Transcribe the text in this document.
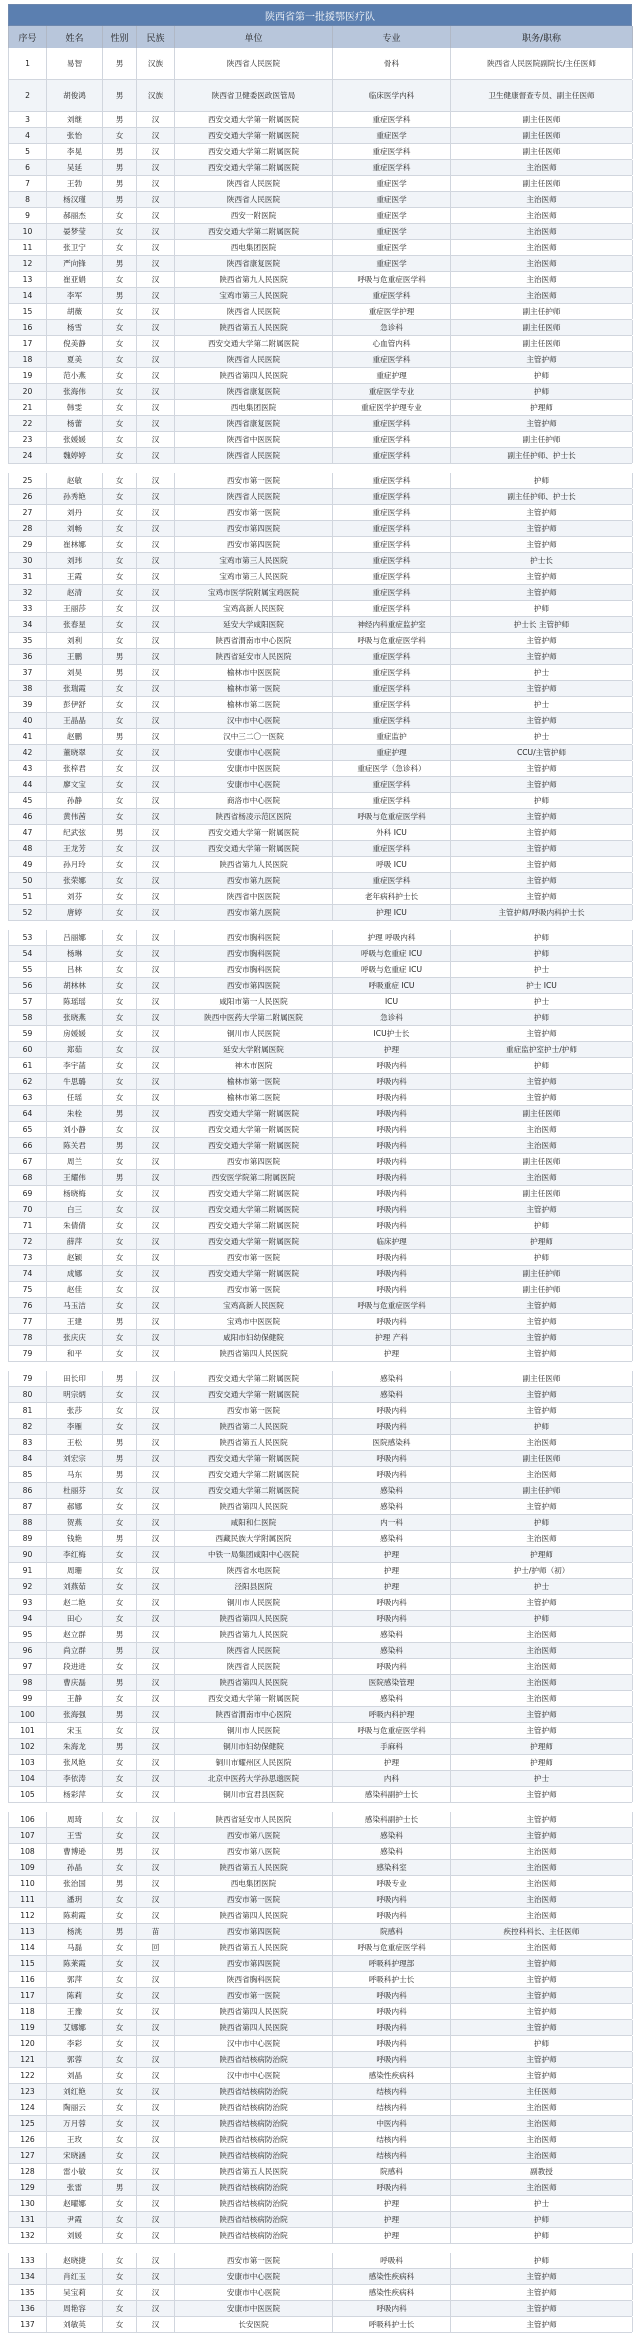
陕西省第一批援鄂医疗队
序号	姓名	性别	民族	单位	专业	职务/职称
1	易智	男	汉族	陕西省人民医院	骨科	陕西省人民医院副院长/主任医师
2	胡俊鸿	男	汉族	陕西省卫健委医政医管局	临床医学内科	卫生健康督查专员、副主任医师
3	刘继	男	汉	西安交通大学第一附属医院	重症医学科	副主任医师
4	张怡	女	汉	西安交通大学第一附属医院	重症医学	副主任医师
5	李晃	男	汉	西安交通大学第二附属医院	重症医学科	副主任医师
6	吴延	男	汉	西安交通大学第二附属医院	重症医学科	主治医师
7	王勃	男	汉	陕西省人民医院	重症医学	副主任医师
8	杨汉瑾	男	汉	陕西省人民医院	重症医学	主治医师
9	郝丽杰	女	汉	西安一附医院	重症医学	主治医师
10	晏梦莹	女	汉	西安交通大学第二附属医院	重症医学	主治医师
11	张卫宁	女	汉	西电集团医院	重症医学	主治医师
12	严向锋	男	汉	陕西省康复医院	重症医学	主治医师
13	崔亚娟	女	汉	陕西省第九人民医院	呼吸与危重症医学科	主治医师
14	李军	男	汉	宝鸡市第三人民医院	重症医学科	主治医师
15	胡薇	女	汉	陕西省人民医院	重症医学护理	副主任护师
16	杨雪	女	汉	陕西省第五人民医院	急诊科	副主任医师
17	倪美静	女	汉	西安交通大学第二附属医院	心血管内科	副主任医师
18	夏美	女	汉	陕西省人民医院	重症医学科	主管护师
19	范小燕	女	汉	陕西省第四人民医院	重症护理	护师
20	张海伟	女	汉	陕西省康复医院	重症医学专业	护师
21	韩雯	女	汉	西电集团医院	重症医学护理专业	护理师
22	杨蕾	女	汉	陕西省康复医院	重症医学科	主管护师
23	张媛媛	女	汉	陕西省中医医院	重症医学科	副主任护师
24	魏婷婷	女	汉	陕西省人民医院	重症医学科	副主任护师、护士长
25	赵敏	女	汉	西安市第一医院	重症医学科	护师
26	孙秀艳	女	汉	陕西省人民医院	重症医学科	副主任护师、护士长
27	刘丹	女	汉	西安市第一医院	重症医学科	主管护师
28	刘畅	女	汉	西安市第四医院	重症医学科	主管护师
29	崔林娜	女	汉	西安市第四医院	重症医学科	主管护师
30	刘玮	女	汉	宝鸡市第三人民医院	重症医学科	护士长
31	王霞	女	汉	宝鸡市第三人民医院	重症医学科	主管护师
32	赵清	女	汉	宝鸡市医学院附属宝鸡医院	重症医学科	主管护师
33	王丽莎	女	汉	宝鸡高新人民医院	重症医学科	护师
34	张春星	女	汉	延安大学咸阳医院	神经内科重症监护室	护士长 主管护师
35	刘利	女	汉	陕西省渭南市中心医院	呼吸与危重症医学科	主管护师
36	王鹏	男	汉	陕西省延安市人民医院	重症医学科	主管护师
37	刘昊	男	汉	榆林市中医医院	重症医学科	护士
38	张瑞霞	女	汉	榆林市第一医院	重症医学科	主管护师
39	彭伊舒	女	汉	榆林市第二医院	重症医学科	护士
40	王晶晶	女	汉	汉中市中心医院	重症医学科	主管护师
41	赵鹏	男	汉	汉中三二〇一医院	重症监护	护士
42	董晓翠	女	汉	安康市中心医院	重症护理	CCU/主管护师
43	张梓君	女	汉	安康市中医医院	重症医学（急诊科）	主管护师
44	廖文宝	女	汉	安康市中心医院	重症医学科	主管护师
45	孙静	女	汉	商洛市中心医院	重症医学科	护师
46	黄伟茜	女	汉	陕西省杨凌示范区医院	呼吸与危重症医学科	主管护师
47	纪武弦	男	汉	西安交通大学第一附属医院	外科 ICU	主管护师
48	王龙芳	女	汉	西安交通大学第一附属医院	重症医学科	主管护师
49	孙月玲	女	汉	陕西省第九人民医院	呼吸 ICU	主管护师
50	张荣娜	女	汉	西安市第九医院	重症医学科	主管护师
51	刘芬	女	汉	陕西省中医医院	老年病科护士长	主管护师
52	唐婷	女	汉	西安市第九医院	护理 ICU	主管护师/呼吸内科护士长
53	吕丽娜	女	汉	西安市胸科医院	护理 呼吸内科	护师
54	杨琳	女	汉	西安市胸科医院	呼吸与危重症 ICU	护师
55	吕林	女	汉	西安市胸科医院	呼吸与危重症 ICU	护士
56	胡林林	女	汉	西安市第四医院	呼吸重症 ICU	护士 ICU
57	陈瑶瑶	女	汉	咸阳市第一人民医院	ICU	护士
58	张晓燕	女	汉	陕西中医药大学第二附属医院	急诊科	护师
59	房媛媛	女	汉	铜川市人民医院	ICU护士长	主管护师
60	郑茹	女	汉	延安大学附属医院	护理	重症监护室护士/护师
61	李宇菡	女	汉	神木市医院	呼吸内科	护师
62	牛思璐	女	汉	榆林市第一医院	呼吸内科	主管护师
63	任瑶	女	汉	榆林市第二医院	呼吸内科	主管护师
64	朱栓	男	汉	西安交通大学第一附属医院	呼吸内科	副主任医师
65	刘小静	女	汉	西安交通大学第一附属医院	呼吸内科	主治医师
66	陈关君	男	汉	西安交通大学第一附属医院	呼吸内科	主治医师
67	周兰	女	汉	西安市第四医院	呼吸内科	副主任医师
68	王耀伟	男	汉	西安医学院第二附属医院	呼吸内科	主治医师
69	杨晓梅	女	汉	西安交通大学第二附属医院	呼吸内科	副主任医师
70	白三	女	汉	西安交通大学第二附属医院	呼吸内科	主管护师
71	朱倩倩	女	汉	西安交通大学第二附属医院	呼吸内科	护师
72	薛萍	女	汉	西安交通大学第一附属医院	临床护理	护理师
73	赵颖	女	汉	西安市第一医院	呼吸内科	护师
74	成娜	女	汉	西安交通大学第一附属医院	呼吸内科	副主任护师
75	赵佳	女	汉	西安市第一医院	呼吸内科	副主任护师
76	马玉洁	女	汉	宝鸡高新人民医院	呼吸与危重症医学科	主管护师
77	王建	男	汉	宝鸡市中医医院	呼吸内科	主管护师
78	张庆庆	女	汉	咸阳市妇幼保健院	护理 产科	主管护师
79	和平	女	汉	陕西省第四人民医院	护理	主管护师
79	田长印	男	汉	西安交通大学第二附属医院	感染科	副主任医师
80	明宗炳	女	汉	西安交通大学第一附属医院	感染科	主管护师
81	张莎	女	汉	西安市第一医院	呼吸内科	主管护师
82	李雁	女	汉	陕西省第二人民医院	呼吸内科	护师
83	王松	男	汉	陕西省第五人民医院	医院感染科	主治医师
84	刘宏宗	男	汉	西安交通大学第一附属医院	呼吸内科	副主任医师
85	马东	男	汉	西安交通大学第二附属医院	呼吸内科	主治医师
86	杜丽芬	女	汉	西安交通大学第二附属医院	感染科	副主任护师
87	郝娜	女	汉	陕西省第四人民医院	感染科	主管护师
88	贺燕	女	汉	咸阳和仁医院	内一科	护师
89	钱艳	男	汉	西藏民族大学附属医院	感染科	主治医师
90	李红梅	女	汉	中铁一局集团咸阳中心医院	护理	护理师
91	周珊	女	汉	陕西省水电医院	护理	护士/护师（初）
92	刘燕茹	女	汉	泾阳县医院	护理	护士
93	赵二艳	女	汉	铜川市人民医院	呼吸内科	主管护师
94	田心	女	汉	陕西省第四人民医院	呼吸内科	护师
95	赵立群	男	汉	陕西省第九人民医院	感染科	主治医师
96	尚立群	男	汉	陕西省人民医院	感染科	主治医师
97	段进进	女	汉	陕西省人民医院	呼吸内科	主治医师
98	曹庆磊	男	汉	陕西省第四人民医院	医院感染管理	主治医师
99	王静	女	汉	西安交通大学第一附属医院	感染科	主治医师
100	张海强	男	汉	陕西省渭南市中心医院	呼吸内科护理	主管护师
101	宋玉	女	汉	铜川市人民医院	呼吸与危重症医学科	主管护师
102	朱海龙	男	汉	铜川市妇幼保健院	手麻科	护理师
103	张风艳	女	汉	铜川市耀州区人民医院	护理	护理师
104	李依涛	女	汉	北京中医药大学孙思邈医院	内科	护士
105	杨彩萍	女	汉	铜川市宜君县医院	感染科副护士长	主管护师
106	周琦	女	汉	陕西省延安市人民医院	感染科副护士长	主管护师
107	王雪	女	汉	西安市第八医院	感染科	主管护师
108	曹博逊	男	汉	西安市第八医院	感染科	主治医师
109	孙晶	女	汉	陕西省第五人民医院	感染科室	主治医师
110	张治国	男	汉	西电集团医院	呼吸专业	主治医师
111	潘玥	女	汉	西安市第一医院	呼吸内科	主治医师
112	陈莉霞	女	汉	陕西省第四人民医院	呼吸内科	主治医师
113	杨洮	男	苗	西安市第四医院	院感科	疾控科科长、主任医师
114	马磊	女	回	陕西省第五人民医院	呼吸与危重症医学科	主治医师
115	陈莱霞	女	汉	西安市第四医院	呼吸科护理部	主管护师
116	郭萍	女	汉	陕西省胸科医院	呼吸科护士长	主管护师
117	陈莉	女	汉	西安市第一医院	呼吸内科	主管护师
118	王豫	女	汉	陕西省第四人民医院	呼吸内科	主管护师
119	艾娜娜	女	汉	陕西省第四人民医院	呼吸内科	主管护师
120	李彩	女	汉	汉中市中心医院	呼吸内科	护师
121	郭蓉	女	汉	陕西省结核病防治院	呼吸内科	主管护师
122	刘晶	女	汉	汉中市中心医院	感染性疾病科	主管护师
123	刘红艳	女	汉	陕西省结核病防治院	结核内科	主任医师
124	陶丽云	女	汉	陕西省结核病防治院	结核内科	主治医师
125	万月蓉	女	汉	陕西省结核病防治院	中医内科	主治医师
126	王玫	女	汉	陕西省结核病防治院	结核内科	主治医师
127	宋晓涵	女	汉	陕西省结核病防治院	结核内科	主治医师
128	雷小敏	女	汉	陕西省第五人民医院	院感科	副教授
129	张雷	男	汉	陕西省结核病防治院	呼吸内科	主治医师
130	赵曜娜	女	汉	陕西省结核病防治院	护理	护士
131	尹霞	女	汉	陕西省结核病防治院	护理	护师
132	刘媛	女	汉	陕西省结核病防治院	护理	护师
133	赵晓捷	女	汉	西安市第一医院	呼吸科	护师
134	肖红玉	女	汉	安康市中心医院	感染性疾病科	主管护师
135	吴宝莉	女	汉	安康市中心医院	感染性疾病科	主管护师
136	周艳容	女	汉	安康市中医医院	呼吸内科	主管护师
137	刘敏英	女	汉	长安医院	呼吸科护士长	主管护师
